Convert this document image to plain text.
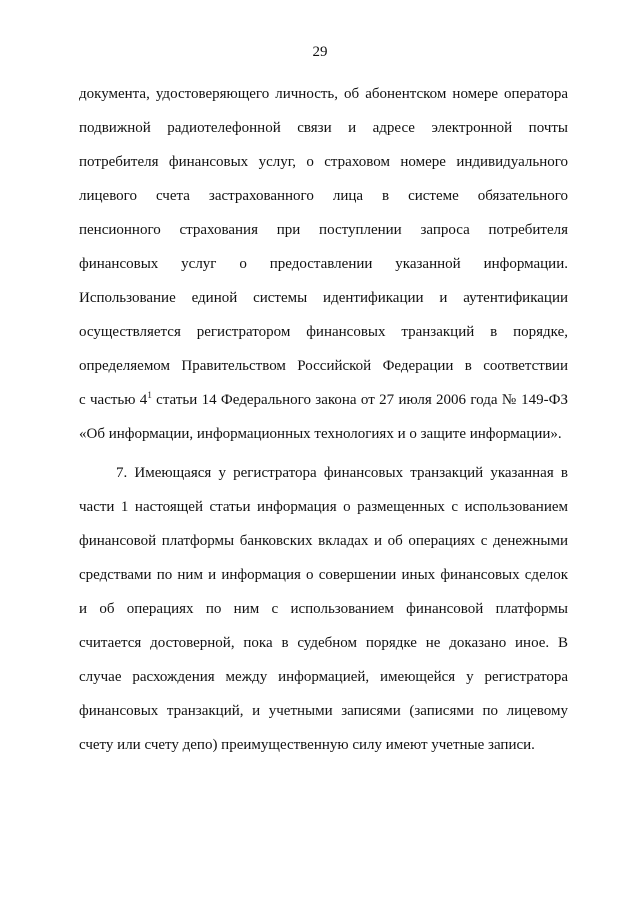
29
документа, удостоверяющего личность, об абонентском номере оператора
подвижной радиотелефонной связи и адресе электронной почты
потребителя финансовых услуг, о страховом номере индивидуального
лицевого счета застрахованного лица в системе обязательного
пенсионного страхования при поступлении запроса потребителя
финансовых услуг о предоставлении указанной информации.
Использование единой системы идентификации и аутентификации
осуществляется регистратором финансовых транзакций в порядке,
определяемом Правительством Российской Федерации в соответствии
с частью $4^1$ статьи 14 Федерального закона от 27 июля 2006 года № 149-ФЗ
«Об информации, информационных технологиях и о защите информации».
7. Имеющаяся у регистратора финансовых транзакций указанная в
части 1 настоящей статьи информация о размещенных с использованием
финансовой платформы банковских вкладах и об операциях с денежными
средствами по ним и информация о совершении иных финансовых сделок
и об операциях по ним с использованием финансовой платформы
считается достоверной, пока в судебном порядке не доказано иное. В
случае расхождения между информацией, имеющейся у регистратора
финансовых транзакций, и учетными записями (записями по лицевому
счету или счету депо) преимущественную силу имеют учетные записи.
